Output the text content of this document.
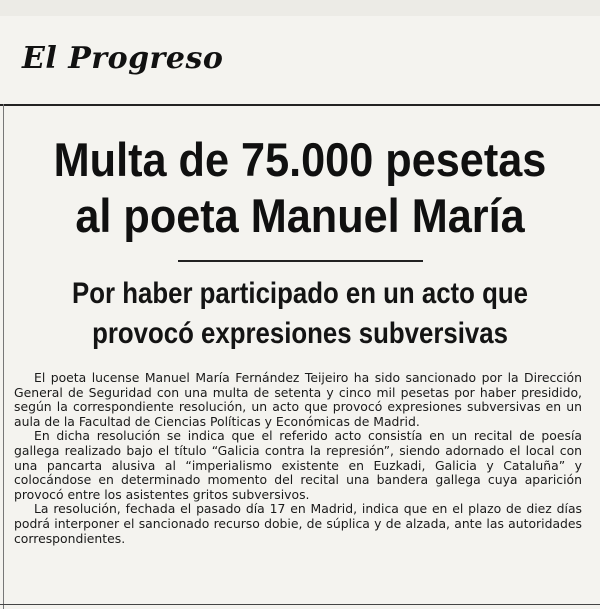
El Progreso
Multa de 75.000 pesetas
al poeta Manuel María
Por haber participado en un acto que
provocó expresiones subversivas

El poeta lucense Manuel María Fernández Teijeiro ha sido sancionado por la Dirección General de Seguridad con una multa de setenta y cinco mil pesetas por haber presidido, según la correspondiente resolución, un acto que provocó expresiones subversivas en un aula de la Facultad de Ciencias Políticas y Económicas de Madrid.

En dicha resolución se indica que el referido acto consistía en un recital de poesía gallega realizado bajo el título “Galicia contra la represión”, siendo adornado el local con una pancarta alusiva al “imperialismo existente en Euzkadi, Galicia y Cataluña” y colocándose en determinado momento del recital una bandera gallega cuya aparición provocó entre los asistentes gritos subversivos.

La resolución, fechada el pasado día 17 en Madrid, indica que en el plazo de diez días podrá interponer el sancionado recurso dobie, de súplica y de alzada, ante las autoridades correspondientes.
